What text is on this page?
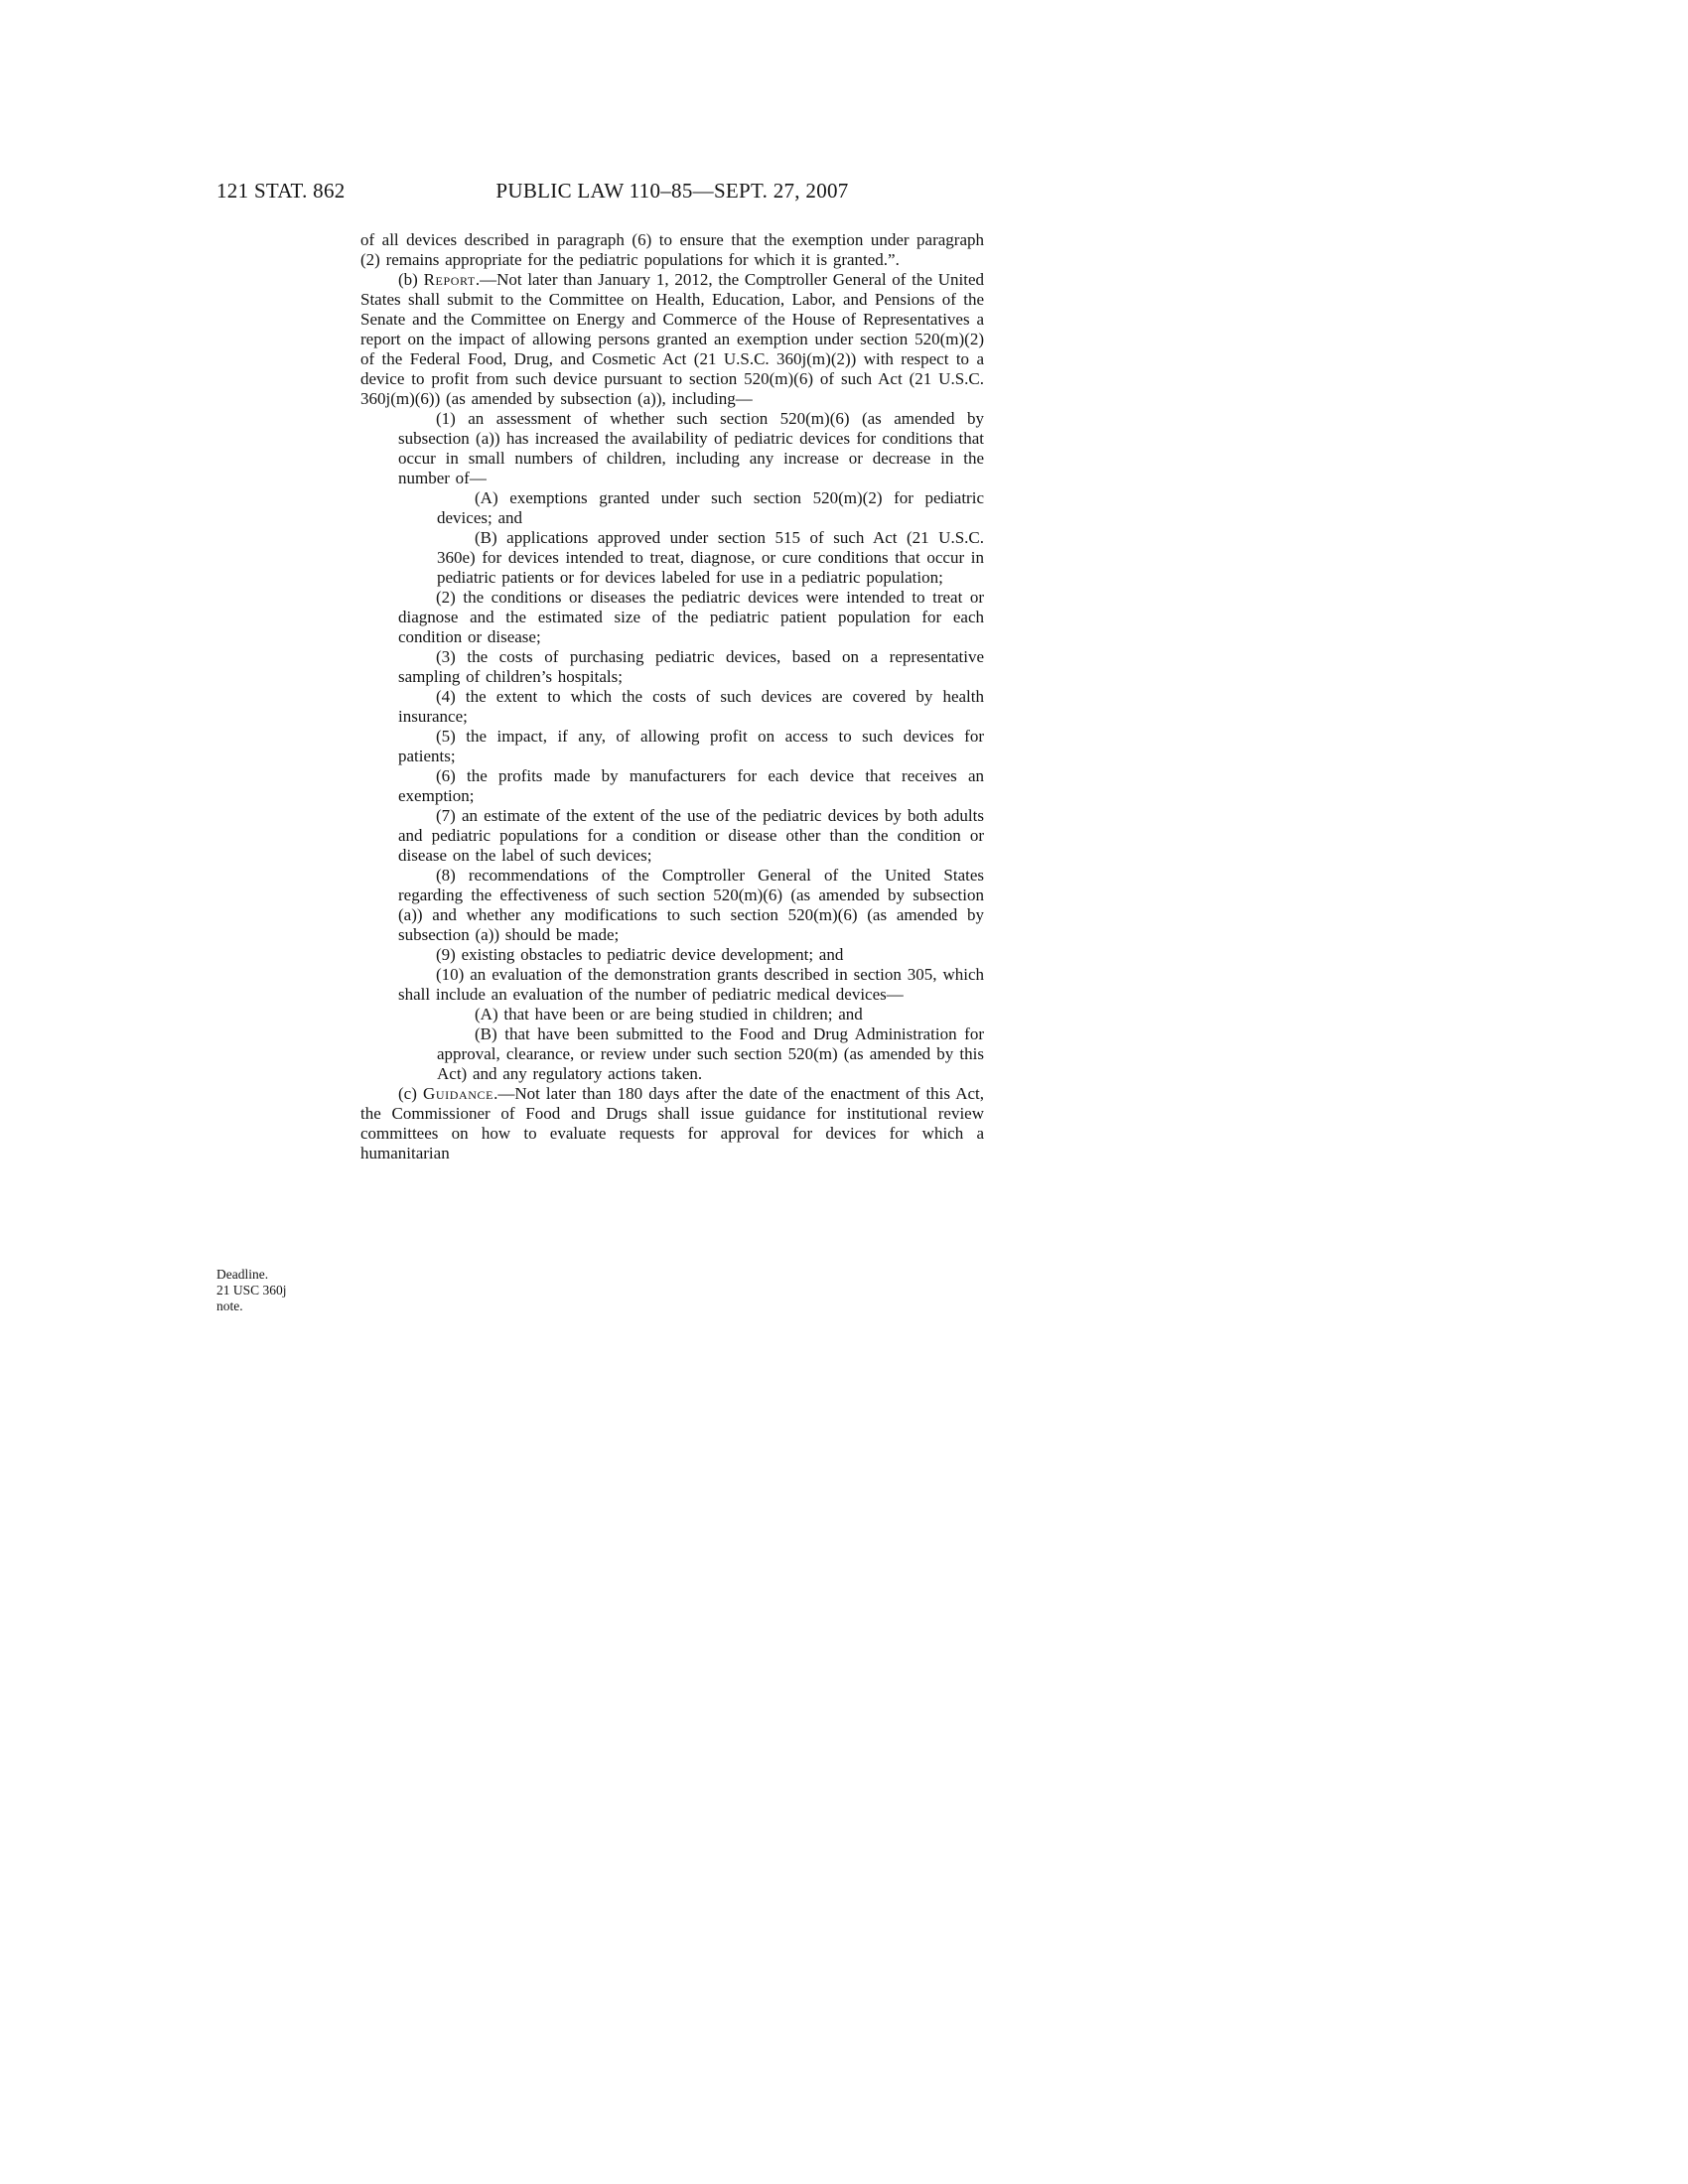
121 STAT. 862	PUBLIC LAW 110–85—SEPT. 27, 2007
Deadline.
21 USC 360j
note.

of all devices described in paragraph (6) to ensure that the exemption under paragraph (2) remains appropriate for the pediatric populations for which it is granted.”.

(b) Report.—Not later than January 1, 2012, the Comptroller General of the United States shall submit to the Committee on Health, Education, Labor, and Pensions of the Senate and the Committee on Energy and Commerce of the House of Representatives a report on the impact of allowing persons granted an exemption under section 520(m)(2) of the Federal Food, Drug, and Cosmetic Act (21 U.S.C. 360j(m)(2)) with respect to a device to profit from such device pursuant to section 520(m)(6) of such Act (21 U.S.C. 360j(m)(6)) (as amended by subsection (a)), including—

(1) an assessment of whether such section 520(m)(6) (as amended by subsection (a)) has increased the availability of pediatric devices for conditions that occur in small numbers of children, including any increase or decrease in the number of—

(A) exemptions granted under such section 520(m)(2) for pediatric devices; and

(B) applications approved under section 515 of such Act (21 U.S.C. 360e) for devices intended to treat, diagnose, or cure conditions that occur in pediatric patients or for devices labeled for use in a pediatric population;

(2) the conditions or diseases the pediatric devices were intended to treat or diagnose and the estimated size of the pediatric patient population for each condition or disease;

(3) the costs of purchasing pediatric devices, based on a representative sampling of children’s hospitals;

(4) the extent to which the costs of such devices are covered by health insurance;

(5) the impact, if any, of allowing profit on access to such devices for patients;

(6) the profits made by manufacturers for each device that receives an exemption;

(7) an estimate of the extent of the use of the pediatric devices by both adults and pediatric populations for a condition or disease other than the condition or disease on the label of such devices;

(8) recommendations of the Comptroller General of the United States regarding the effectiveness of such section 520(m)(6) (as amended by subsection (a)) and whether any modifications to such section 520(m)(6) (as amended by subsection (a)) should be made;

(9) existing obstacles to pediatric device development; and

(10) an evaluation of the demonstration grants described in section 305, which shall include an evaluation of the number of pediatric medical devices—

(A) that have been or are being studied in children; and

(B) that have been submitted to the Food and Drug Administration for approval, clearance, or review under such section 520(m) (as amended by this Act) and any regulatory actions taken.

(c) Guidance.—Not later than 180 days after the date of the enactment of this Act, the Commissioner of Food and Drugs shall issue guidance for institutional review committees on how to evaluate requests for approval for devices for which a humanitarian
